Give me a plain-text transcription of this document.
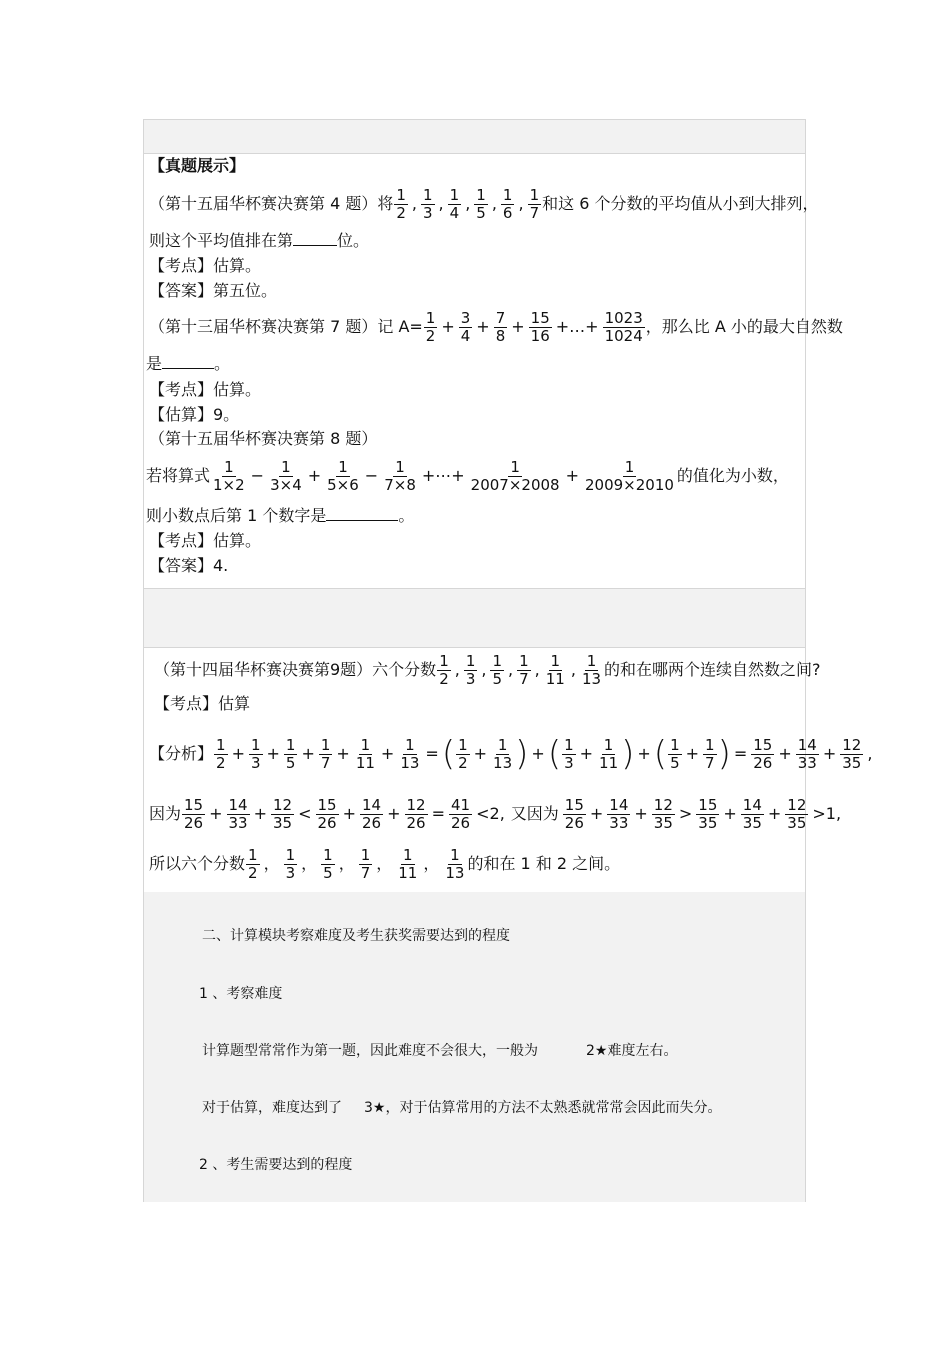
【真题展示】
（第十五届华杯赛决赛第 4 题）将 $\frac{1}{2}$ , $\frac{1}{3}$ , $\frac{1}{4}$ , $\frac{1}{5}$ , $\frac{1}{6}$ , $\frac{1}{7}$ 和这 6 个分数的平均值从小到大排列，
则这个平均值排在第	位。
【考点】估算。
【答案】第五位。
（第十三届华杯赛决赛第 7 题）记 $A= \frac{1}{2} + \frac{3}{4} + \frac{7}{8} + \frac{15}{16}$ +…+ $\frac{1023}{1024}$ ，那么比 A 小的最大自然数
是	。
【考点】估算。
【估算】9。
（第十五届华杯赛决赛第 8 题）
若将算式 $\frac{1}{1\times 2} - \frac{1}{3\times 4} + \frac{1}{5\times 6} - \frac{1}{7\times 8}$ +⋯+ $\frac{1}{2007\times 2008} + \frac{1}{2009\times 2010}$ 的值化为小数，
则小数点后第 1 个数字是	。
【考点】估算。
【答案】4.
（第十四届华杯赛决赛第9题）六个分数 $\frac{1}{2}$ , $\frac{1}{3}$ , $\frac{1}{5}$ , $\frac{1}{7}$ , $\frac{1}{11}$ , $\frac{1}{13}$ 的和在哪两个连续自然数之间?
【考点】估算
【分析】 $\frac{1}{2} + \frac{1}{3} + \frac{1}{5} + \frac{1}{7} + \frac{1}{11} + \frac{1}{13}$ = ( $\frac{1}{2} + \frac{1}{13}$ ) + ( $\frac{1}{3} + \frac{1}{11}$ ) + ( $\frac{1}{5} + \frac{1}{7}$ ) = $\frac{15}{26} + \frac{14}{33} + \frac{12}{35}$ ,
因为 $\frac{15}{26} + \frac{14}{33} + \frac{12}{35} < \frac{15}{26} + \frac{14}{26} + \frac{12}{26} = \frac{41}{26} <2$, 又因为 $\frac{15}{26} + \frac{14}{33} + \frac{12}{35} > \frac{15}{35} + \frac{14}{35} + \frac{12}{35} >1$,
所以六个分数 $\frac{1}{2}$ ， $\frac{1}{3}$ ， $\frac{1}{5}$ ， $\frac{1}{7}$ ， $\frac{1}{11}$ ， $\frac{1}{13}$ 的和在 1 和 2 之间。
二、计算模块考察难度及考生获奖需要达到的程度
1 、考察难度
计算题型常常作为第一题，因此难度不会很大，一般为	2★难度左右。
对于估算，难度达到了 3★，对于估算常用的方法不太熟悉就常常会因此而失分。
2 、考生需要达到的程度
